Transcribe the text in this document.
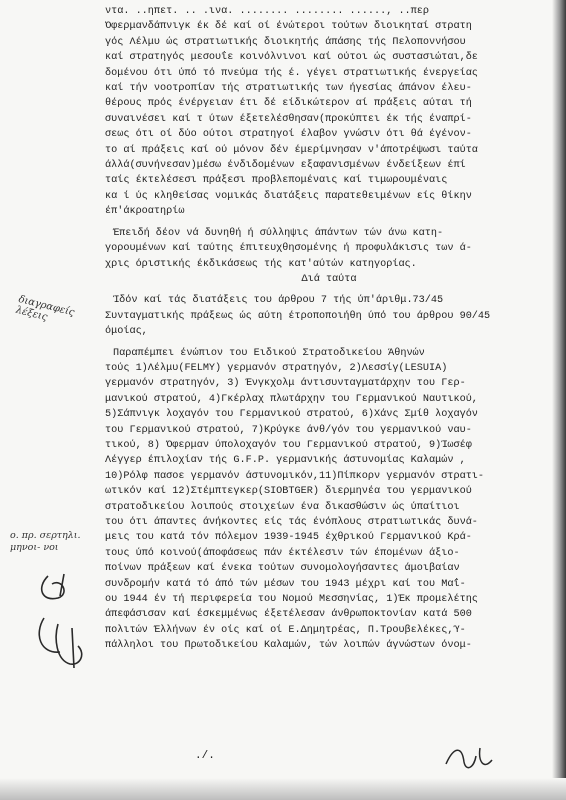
διαγραφείς λέξεις
ο. πρ. σερτηλι. μηνοι- νοι
ντα. ..ηπετ. .. .ινα. ........ ........ ......, ..περ
Όφερμανδάπνιγκ έκ δέ καί οί ένώτεροι τούτων διοικηταί στρατη
γός Λέλμυ ώς στρατιωτικής διοικητής άπάσης τής Πελοποννήσου
καί στρατηγός μεσουΐε κοινόλνινοι καί ούτοι ώς συστασιώται,δε
δομένου ότι ύπό τό πνεύμα τής έ. γέγει στρατιωτικής ένεργείας
καί τήν νοοτροπίαν τής στρατιωτικής των ήγεσίας άπάνον έλευ-
θέρους πρός ένέργειαν έτι δέ είδικώτερον αί πράξεις αύται τή
συναινέσει καί τ ύτων έξετελέσθησαν(προκύπτει έκ τής έναπρί-
σεως ότι οί δύο ούτοι στρατηγοί έλαβον γνώσιν ότι θά έγένον-
το αί πράξεις καί ού μόνον δέν έμερίμνησαν ν'άποτρέψωσι ταύτα
άλλά(συνήνεσαν)μέσω ένδιδομένων εξαφανισμένων ένδείξεων έπί
ταίς έκτελέσεσι πράξεσι προβλεπομέναις καί τιμωρουμέναις
κα ί ύς κληθείσας νομικάς διατάξεις παρατεθειμένων είς θίκην
έπ'άκροατηρίω
Έπειδή δέον νά δυνηθή ή σύλληψις άπάντων τών άνω κατη-
γορουμένων καί ταύτης έπιτευχθησομένης ή προφυλάκισις των ά-
χρις όριστικής έκδικάσεως τής κατ'αύτών κατηγορίας.
Διά ταύτα
Ίδόν καί τάς διατάξεις του άρθρου 7 τής ύπ'άριθμ.73/45
Συνταγματικής πράξεως ώς αύτη έτροποποιήθη ύπό του άρθρου 90/45
όμοίας,
Παραπέμπει ένώπιον του Ειδικού Στρατοδικείου Άθηνών
τούς 1)Λέλμυ(FELMY) γερμανόν στρατηγόν, 2)Λεσσίγ(LESUIA)
γερμανόν στρατηγόν, 3) Ένγκχολμ άντισυνταγματάρχην του Γερ-
μανικού στρατού, 4)Γκέρλαχ πλωτάρχην του Γερμανικού Ναυτικού,
5)Σάπνιγκ λοχαγόν του Γερμανικού στρατού, 6)Χάνς Σμίθ λοχαγόν
του Γερμανικού στρατού, 7)Κρύγκε άνθ/γόν του γερμανικού ναυ-
τικού, 8) Όφερμαν ύπολοχαγόν του Γερμανικού στρατού, 9)Ίωσέφ
Λέγγερ έπιλοχίαν τής G.F.P. γερμανικής άστυνομίας Καλαμών ,
10)Ρόλφ πασοε γερμανόν άστυνομικόν,11)Πίπκορν γερμανόν στρατι-
ωτικόν καί 12)Στέμπτεγκερ(SIOBTGER) διερμηνέα του γερμανικού
στρατοδικείου λοιπούς στοιχείων ένα δικασθώσιν ώς ύπαίτιοι
του ότι άπαντες άνήκοντες είς τάς ένόπλους στρατιωτικάς δυνά-
μεις του κατά τόν πόλεμον 1939-1945 έχθρικού Γερμανικού Κρά-
τους ύπό κοινού(άποφάσεως πάν έκτέλεσιν τών έπομένων άξιο-
ποίνων πράξεων καί ένεκα τούτων συνομολογήσαντες άμοιβαίαν
συνδρομήν κατά τό άπό τών μέσων του 1943 μέχρι καί του Μαΐ-
ου 1944 έν τή περιφερεία του Νομού Μεσσηνίας, 1)Έκ προμελέτης
άπεφάσισαν καί έσκεμμένως έξετέλεσαν άνθρωποκτονίαν κατά 500
πολιτών Έλλήνων έν οίς καί οί Ε.Δημητρέας, Π.Τρουβελέκες,Ύ-
πάλληλοι του Πρωτοδικείου Καλαμών, τών λοιπών άγνώστων όνομ-
./.
